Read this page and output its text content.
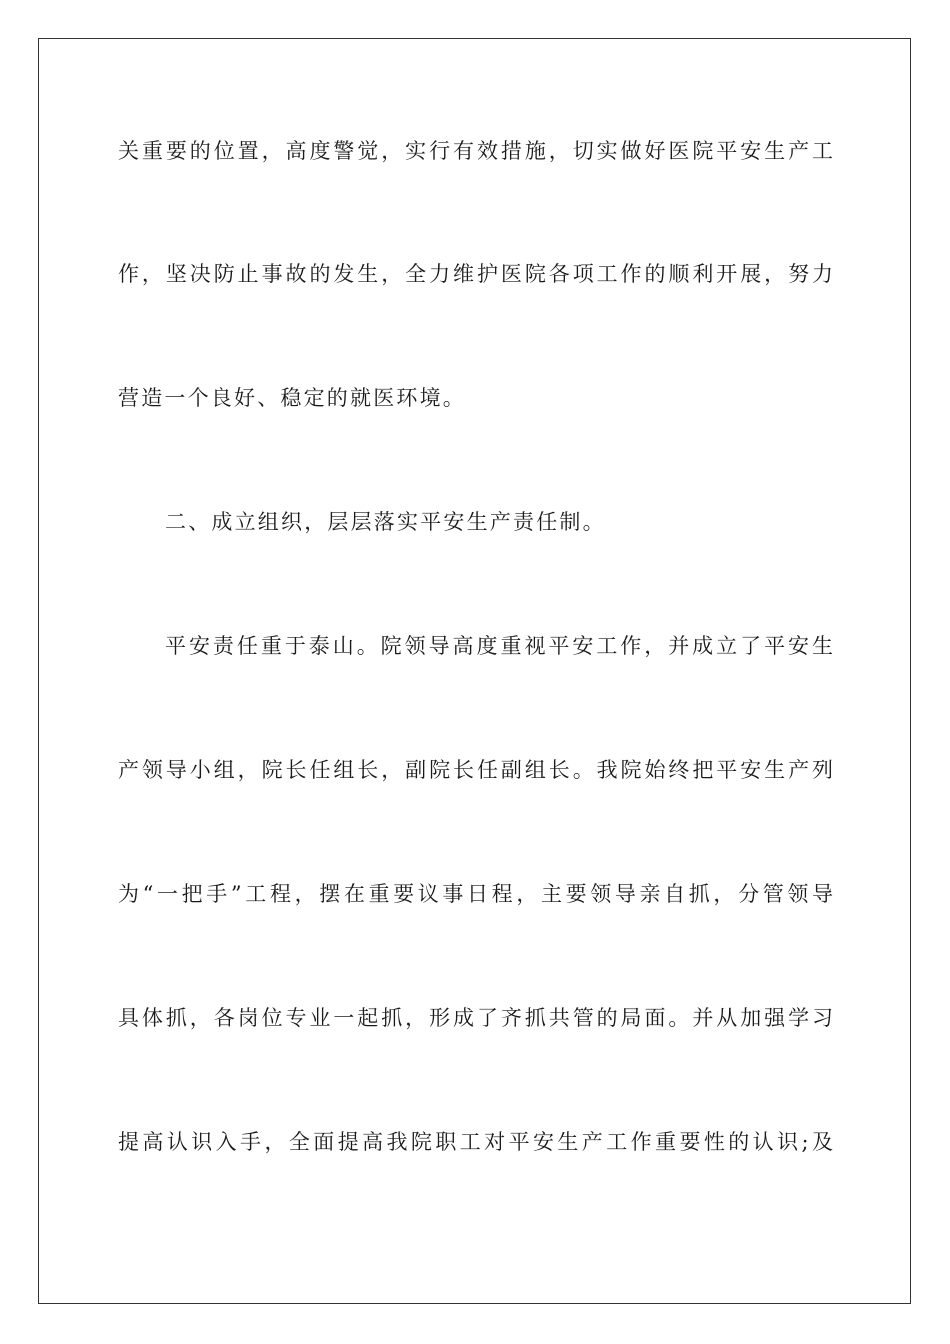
关重要的位置，高度警觉，实行有效措施，切实做好医院平安生产工
作，坚决防止事故的发生，全力维护医院各项工作的顺利开展，努力
营造一个良好、稳定的就医环境。
二、成立组织，层层落实平安生产责任制。
平安责任重于泰山。院领导高度重视平安工作，并成立了平安生
产领导小组，院长任组长，副院长任副组长。我院始终把平安生产列
为“一把手”工程，摆在重要议事日程，主要领导亲自抓，分管领导
具体抓，各岗位专业一起抓，形成了齐抓共管的局面。并从加强学习
提高认识入手，全面提高我院职工对平安生产工作重要性的认识;及
